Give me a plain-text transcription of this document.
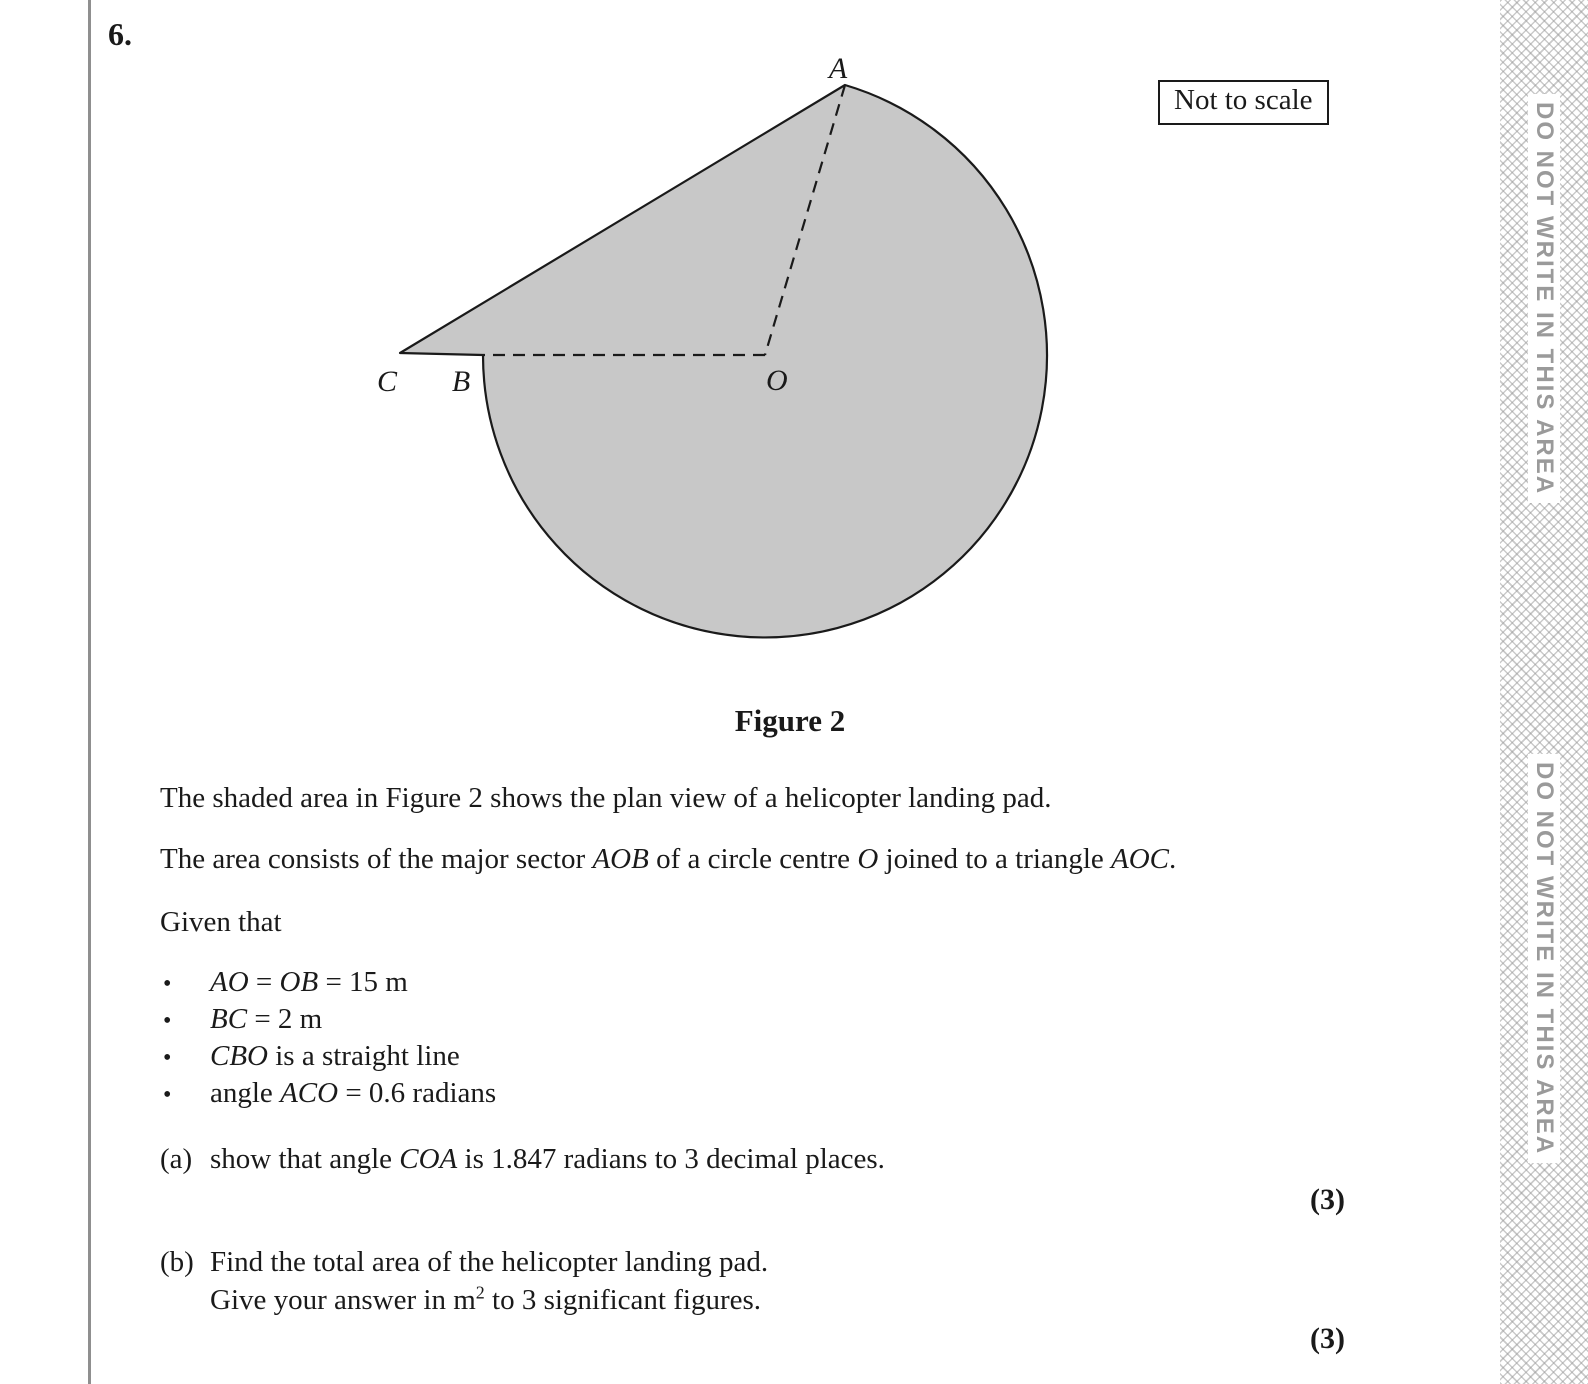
6.
A
O
C B
Not to scale
Figure 2
The shaded area in Figure 2 shows the plan view of a helicopter landing pad.
The area consists of the major sector AOB of a circle centre O joined to a triangle AOC.
Given that
•	AO = OB = 15 m
•	BC = 2 m
•	CBO is a straight line
•	angle ACO = 0.6 radians
(a) show that angle COA is 1.847 radians to 3 decimal places.
(3)
(b) Find the total area of the helicopter landing pad.
Give your answer in $m^2$ to 3 significant figures.
(3)
DO NOT WRITE IN THIS AREA
DO NOT WRITE IN THIS AREA
